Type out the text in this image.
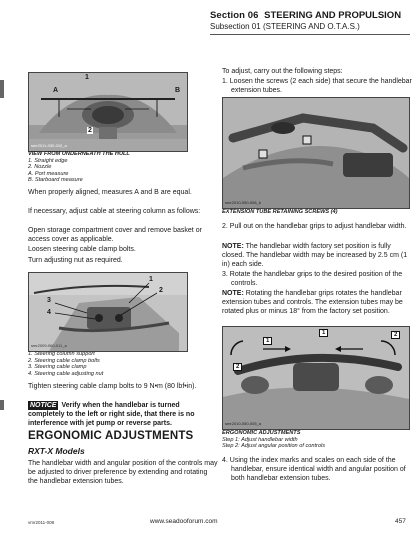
Section 06 STEERING AND PROPULSION
Subsection 01 (STEERING AND O.T.A.S.)
1
2
A	B
smr2011-030-010_a
VIEW FROM UNDERNEATH THE HULL
1. Straight edge
2. Nozzle
A. Port measure
B. Starboard measure
When properly aligned, measures A and B are equal.
If necessary, adjust cable at steering column as follows:
Open storage compartment cover and remove basket or access cover as applicable.
Loosen steering cable clamp bolts.
Turn adjusting nut as required.
3
4
1
2
smr2009-060-011_a
1. Steering column support
2. Steering cable clamp bolts
3. Steering cable clamp
4. Steering cable adjusting nut
Tighten steering cable clamp bolts to 9 N•m (80 lbf•in).
NOTICE Verify when the handlebar is turned completely to the left or right side, that there is no interference with jet pump or reverse parts.
ERGONOMIC ADJUSTMENTS
RXT-X Models
The handlebar width and angular position of the controls may be adjusted to driver preference by extending and rotating the handlebar extension tubes.
To adjust, carry out the following steps:
1. Loosen the screws (2 each side) that secure the handlebar extension tubes.
smr2010-050-006_b
EXTENSION TUBE RETAINING SCREWS (4)
2. Pull out on the handlebar grips to adjust handlebar width.
NOTE: The handlebar width factory set position is fully closed. The handlebar width may be increased by 2.5 cm (1 in) each side.
3. Rotate the handlebar grips to the desired position of the controls.
NOTE: Rotating the handlebar grips rotates the handlebar extension tubes and controls. The extension tubes may be rotated plus or minus 18° from the factory set position.
1
2
1	2
smr2010-050-005_a
ERGONOMIC ADJUSTMENTS
Step 1: Adjust handlebar width
Step 2: Adjust angular position of controls
4. Using the index marks and scales on each side of the handlebar, ensure identical width and angular position of both handlebar extension tubes.
vmr2011-008	www.seadooforum.com	457
